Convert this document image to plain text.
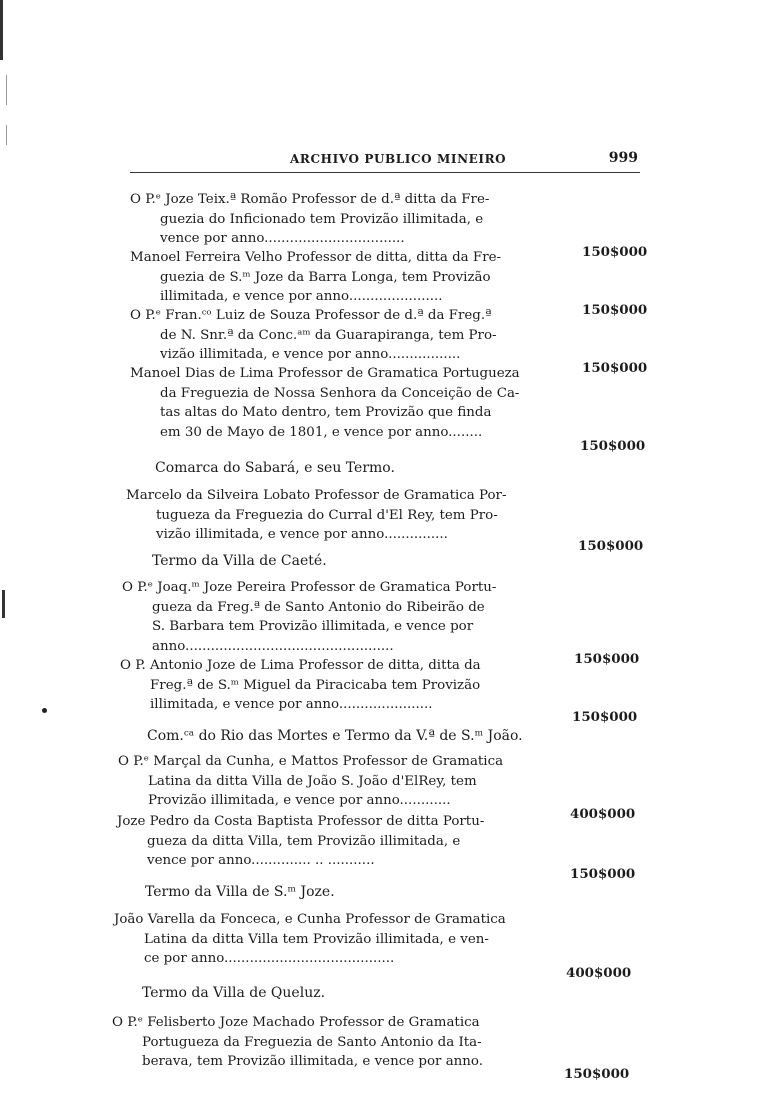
ARCHIVO PUBLICO MINEIRO	999
O P.ᵉ Joze Teix.ª Romão Professor de d.ª ditta da Fre-
guezia do Inficionado tem Provizão illimitada, e
vence por anno.................................
150$000
Manoel Ferreira Velho Professor de ditta, ditta da Fre-
guezia de S.ᵐ Joze da Barra Longa, tem Provizão
illimitada, e vence por anno......................
150$000
O P.ᵉ Fran.ᶜᵒ Luiz de Souza Professor de d.ª da Freg.ª
de N. Snr.ª da Conc.ᵃᵐ da Guarapiranga, tem Pro-
vizão illimitada, e vence por anno.................
150$000
Manoel Dias de Lima Professor de Gramatica Portugueza
da Freguezia de Nossa Senhora da Conceição de Ca-
tas altas do Mato dentro, tem Provizão que finda
em 30 de Mayo de 1801, e vence por anno........
150$000
Comarca do Sabará, e seu Termo.
Marcelo da Silveira Lobato Professor de Gramatica Por-
tugueza da Freguezia do Curral d'El Rey, tem Pro-
vizão illimitada, e vence por anno...............
150$000
Termo da Villa de Caeté.
O P.ᵉ Joaq.ᵐ Joze Pereira Professor de Gramatica Portu-
gueza da Freg.ª de Santo Antonio do Ribeirão de
S. Barbara tem Provizão illimitada, e vence por
anno.................................................
150$000
O P. Antonio Joze de Lima Professor de ditta, ditta da
Freg.ª de S.ᵐ Miguel da Piracicaba tem Provizão
illimitada, e vence por anno......................
150$000
Com.ᶜᵃ do Rio das Mortes e Termo da V.ª de S.ᵐ João.
O P.ᵉ Marçal da Cunha, e Mattos Professor de Gramatica
Latina da ditta Villa de João S. João d'ElRey, tem
Provizão illimitada, e vence por anno............
400$000
Joze Pedro da Costa Baptista Professor de ditta Portu-
gueza da ditta Villa, tem Provizão illimitada, e
vence por anno.............. .. ...........
150$000
Termo da Villa de S.ᵐ Joze.
João Varella da Fonceca, e Cunha Professor de Gramatica
Latina da ditta Villa tem Provizão illimitada, e ven-
ce por anno........................................
400$000
Termo da Villa de Queluz.
O P.ᵉ Felisberto Joze Machado Professor de Gramatica
Portugueza da Freguezia de Santo Antonio da Ita-
berava, tem Provizão illimitada, e vence por anno.
150$000
